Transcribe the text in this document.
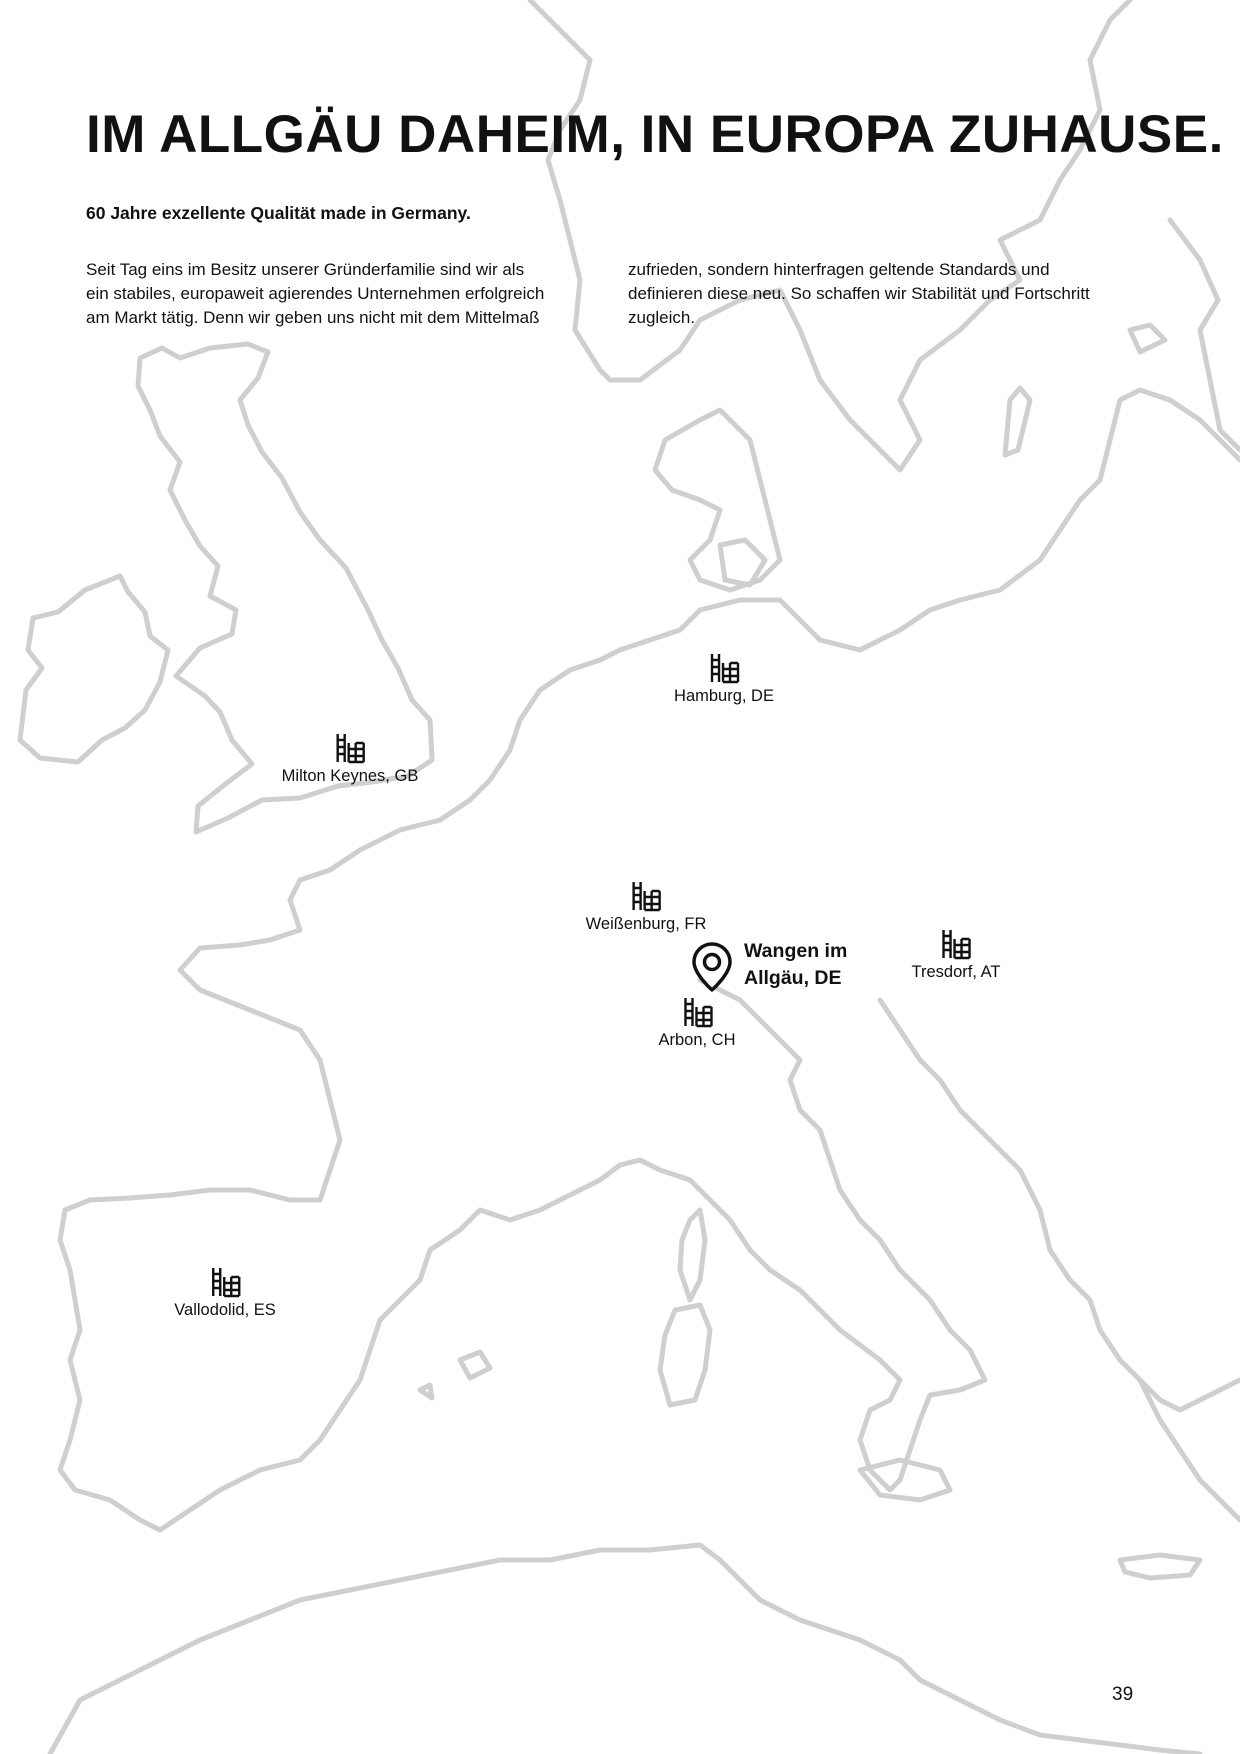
IM ALLGÄU DAHEIM, IN EUROPA ZUHAUSE.

60 Jahre exzellente Qualität made in Germany.

Seit Tag eins im Besitz unserer Gründerfamilie sind wir als
ein stabiles, europaweit agierendes Unternehmen erfolgreich
am Markt tätig. Denn wir geben uns nicht mit dem Mittelmaß
zufrieden, sondern hinterfragen geltende Standards und
definieren diese neu. So schaffen wir Stabilität und Fortschritt
zugleich.
Hamburg, DE
Milton Keynes, GB
Weißenburg, FR
Tresdorf, AT
Arbon, CH
Vallodolid, ES
Wangen im
Allgäu, DE
39
